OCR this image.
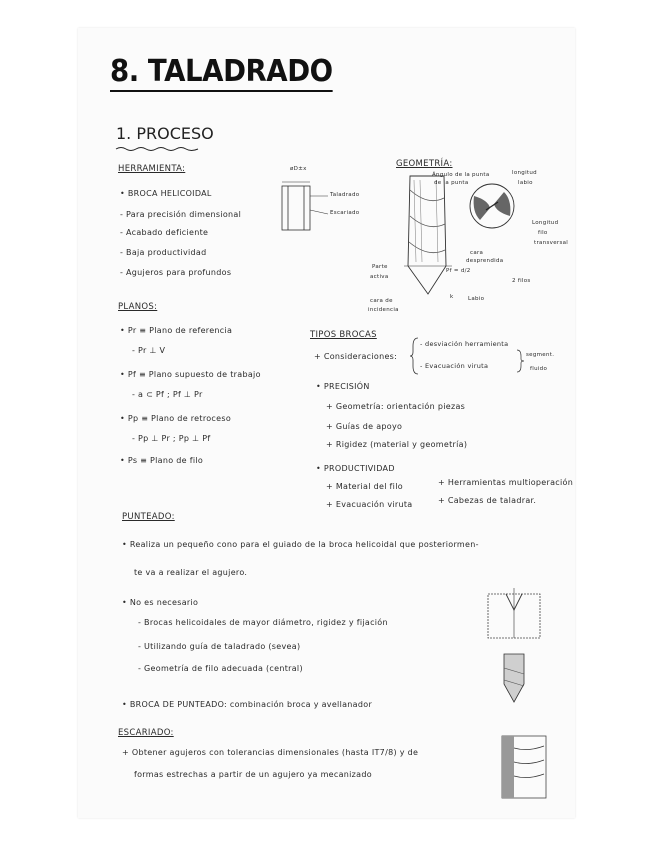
8. TALADRADO
1. PROCESO
HERRAMIENTA:
• BROCA HELICOIDAL
- Para precisión dimensional
- Acabado deficiente
- Baja productividad
- Agujeros para profundos
øD±x
Taladrado
Escariado
GEOMETRÍA:
Ángulo de la punta
de la punta
longitud
labio
Longitud
filo
transversal
cara
desprendida
Pf = d/2
Parte
activa
cara de
incidencia
k	Labio
2 filos
PLANOS:
• Pr ≡ Plano de referencia
- Pr ⊥ V
• Pf ≡ Plano supuesto de trabajo
- a ⊂ Pf ; Pf ⊥ Pr
• Pp ≡ Plano de retroceso
- Pp ⊥ Pr ; Pp ⊥ Pf
• Ps ≡ Plano de filo
TIPOS BROCAS
+ Consideraciones:
- desviación herramienta
- Evacuación viruta
segment.
fluido
• PRECISIÓN
+ Geometría: orientación piezas
+ Guías de apoyo
+ Rigidez (material y geometría)
• PRODUCTIVIDAD
+ Material del filo
+ Evacuación viruta
+ Herramientas multioperación
+ Cabezas de taladrar.
PUNTEADO:
• Realiza un pequeño cono para el guiado de la broca helicoidal que posteriormen-
te va a realizar el agujero.
• No es necesario
- Brocas helicoidales de mayor diámetro, rigidez y fijación
- Utilizando guía de taladrado (sevea)
- Geometría de filo adecuada (central)
• BROCA DE PUNTEADO: combinación broca y avellanador
ESCARIADO:
+ Obtener agujeros con tolerancias dimensionales (hasta IT7/8) y de
formas estrechas a partir de un agujero ya mecanizado
